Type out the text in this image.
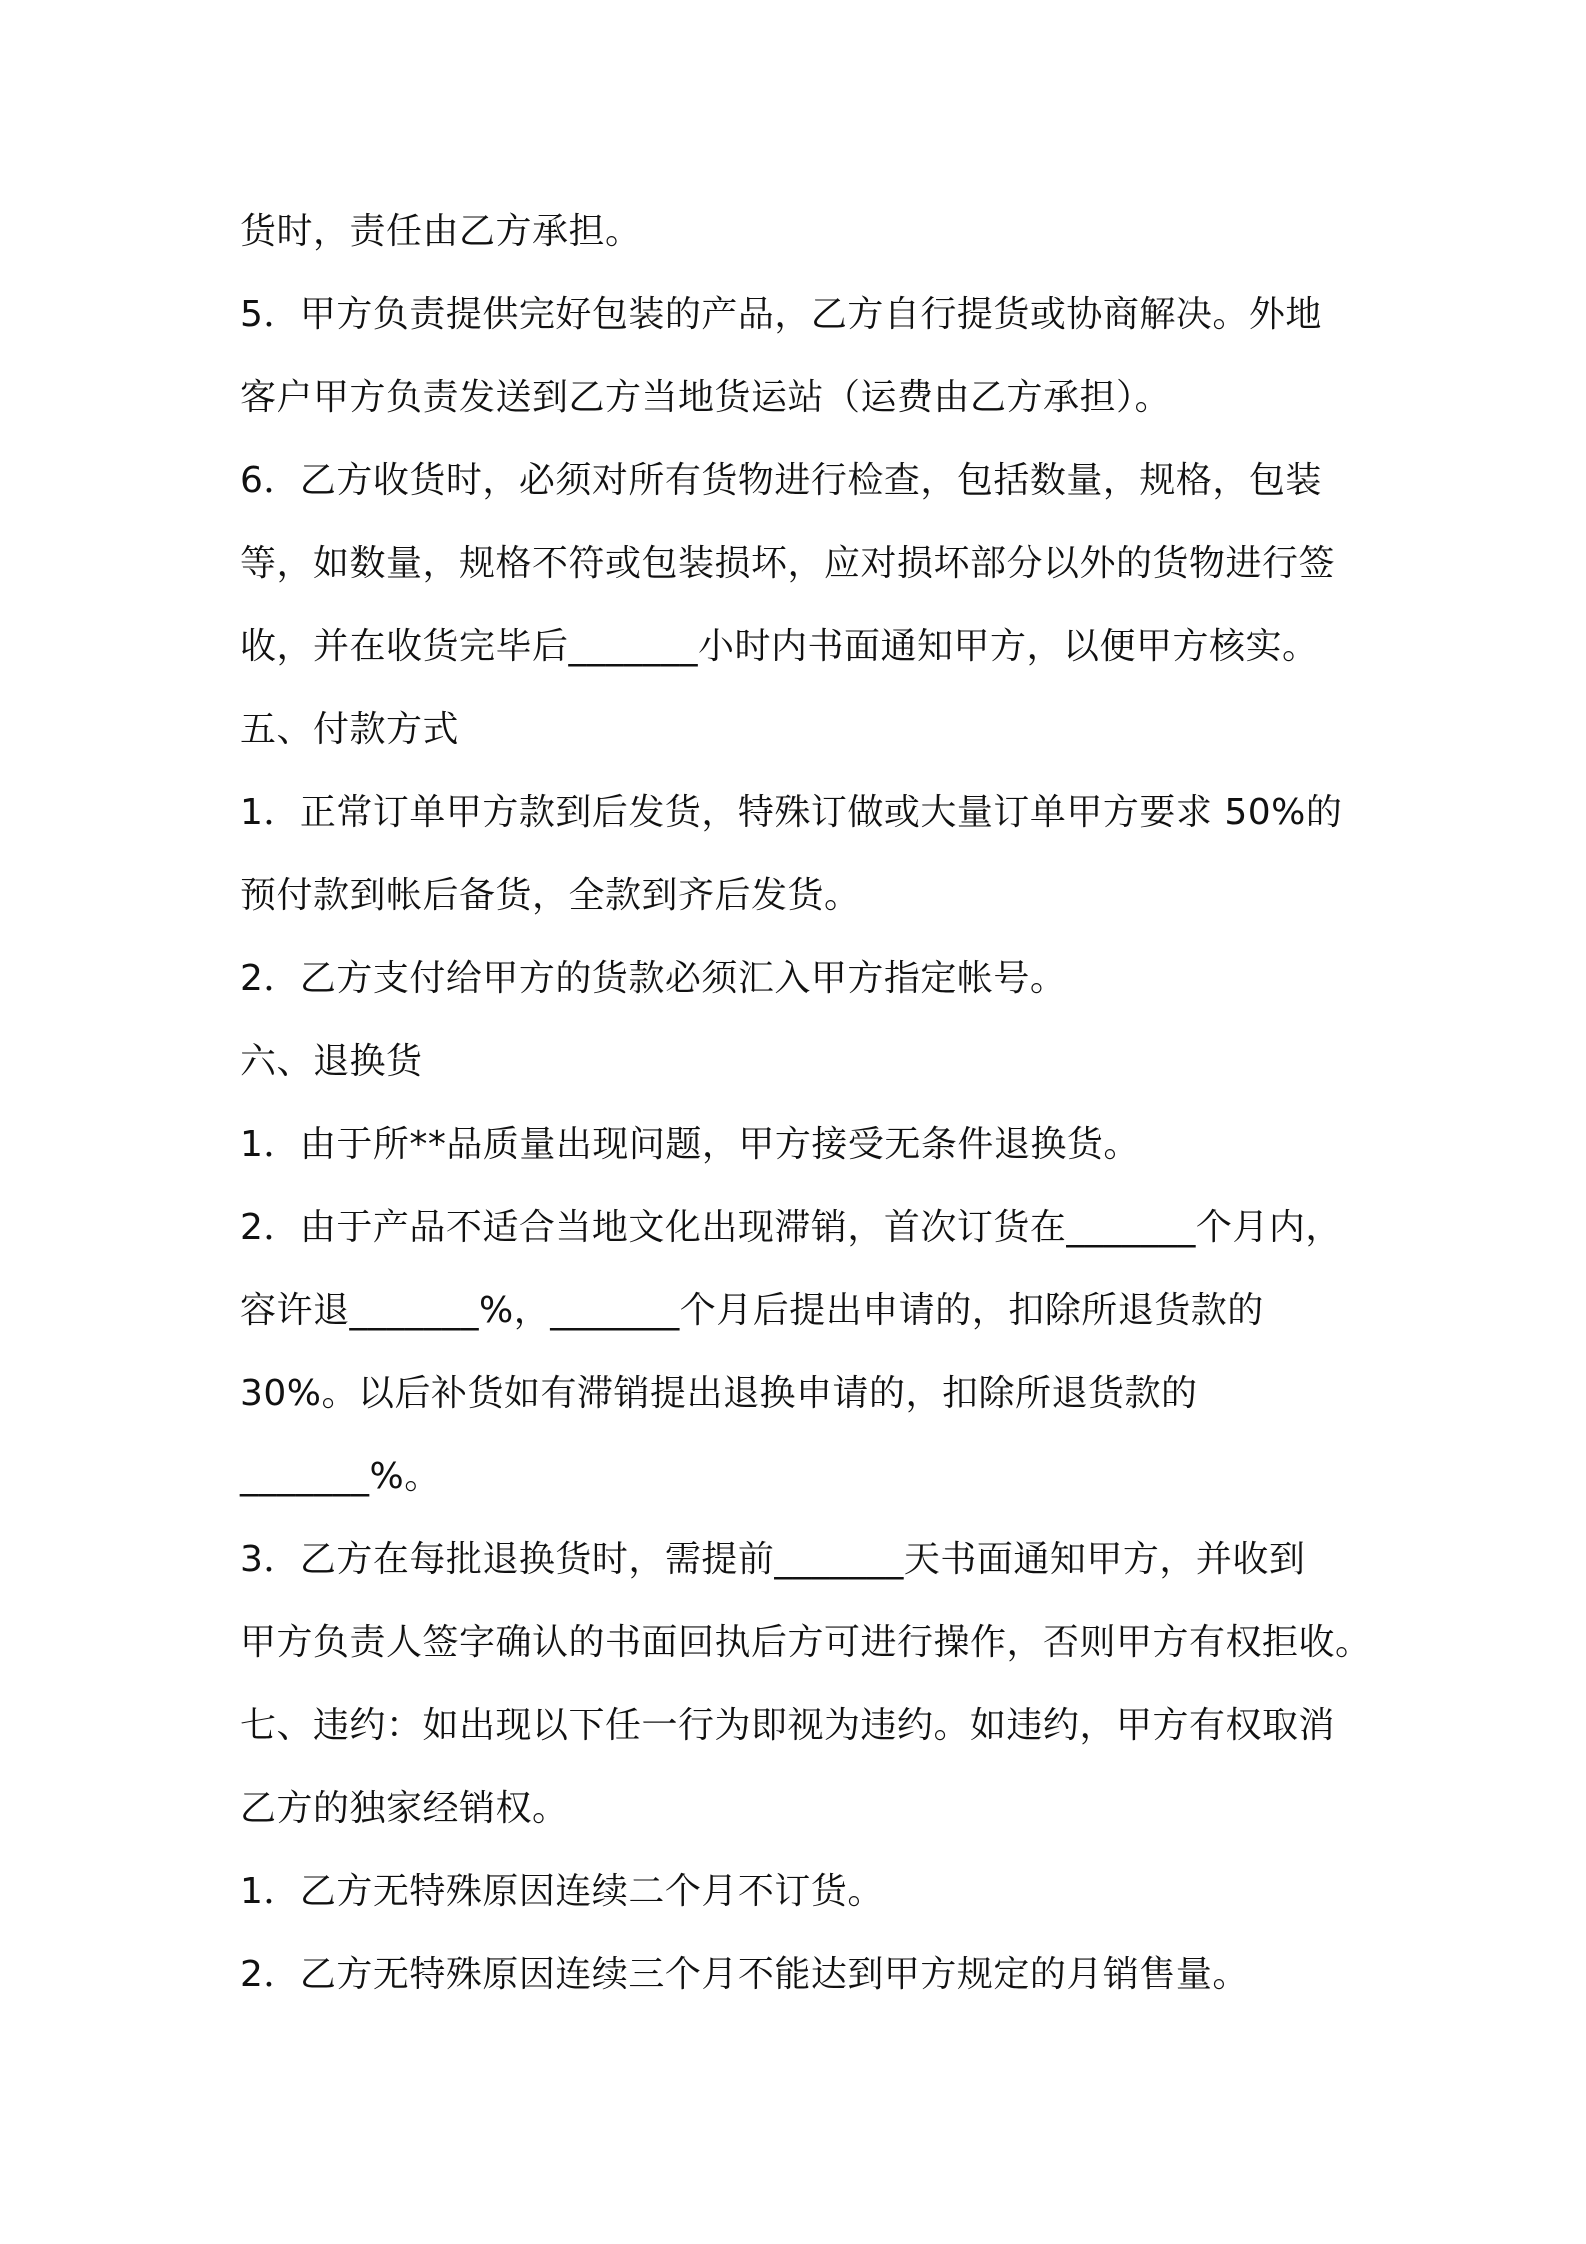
货时，责任由乙方承担。
5．甲方负责提供完好包装的产品，乙方自行提货或协商解决。外地
客户甲方负责发送到乙方当地货运站（运费由乙方承担）。
6．乙方收货时，必须对所有货物进行检查，包括数量，规格，包装
等，如数量，规格不符或包装损坏，应对损坏部分以外的货物进行签
收，并在收货完毕后_______小时内书面通知甲方，以便甲方核实。
五、付款方式
1．正常订单甲方款到后发货，特殊订做或大量订单甲方要求 50%的
预付款到帐后备货，全款到齐后发货。
2．乙方支付给甲方的货款必须汇入甲方指定帐号。
六、退换货
1．由于所**品质量出现问题，甲方接受无条件退换货。
2．由于产品不适合当地文化出现滞销，首次订货在_______个月内，
容许退_______%，_______个月后提出申请的，扣除所退货款的
30%。以后补货如有滞销提出退换申请的，扣除所退货款的
_______%。
3．乙方在每批退换货时，需提前_______天书面通知甲方，并收到
甲方负责人签字确认的书面回执后方可进行操作，否则甲方有权拒收。
七、违约：如出现以下任一行为即视为违约。如违约，甲方有权取消
乙方的独家经销权。
1．乙方无特殊原因连续二个月不订货。
2．乙方无特殊原因连续三个月不能达到甲方规定的月销售量。
